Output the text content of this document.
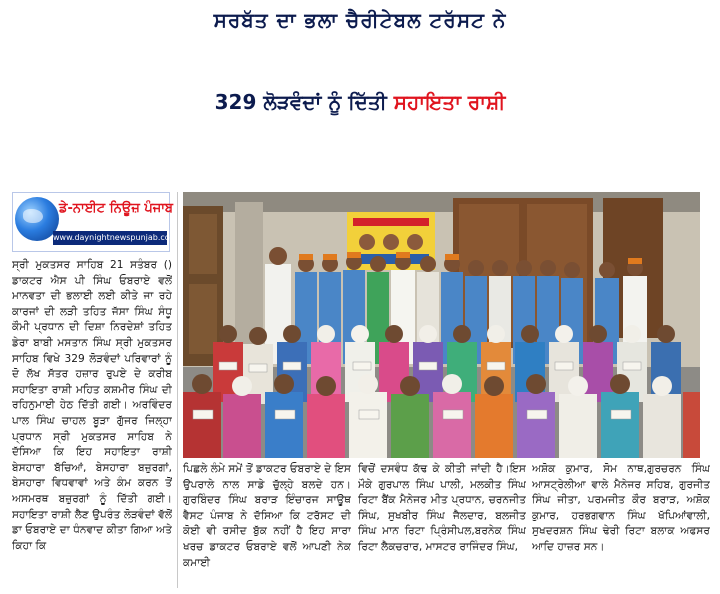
ਸਰਬੱਤ ਦਾ ਭਲਾ ਚੈਰੀਟੇਬਲ ਟਰੱਸਟ ਨੇ
329 ਲੋੜਵੰਦਾਂ ਨੂੰ ਦਿੱਤੀ ਸਹਾਇਤਾ ਰਾਸ਼ੀ
ਡੇ-ਨਾਈਟ ਨਿਊਜ਼ ਪੰਜਾਬ
www.daynightnewspunjab.com
ਸ੍ਰੀ ਮੁਕਤਸਰ ਸਾਹਿਬ 21 ਸਤੰਬਰ () ਡਾਕਟਰ ਐਸ ਪੀ ਸਿੰਘ ਓਬਰਾਏ ਵਲੋਂ ਮਾਨਵਤਾ ਦੀ ਭਲਾਈ ਲਈ ਕੀਤੇ ਜਾ ਰਹੇ ਕਾਰਜਾਂ ਦੀ ਲੜੀ ਤਹਿਤ ਜੱਸਾ ਸਿੰਘ ਸੰਧੂ ਕੌਮੀ ਪ੍ਰਧਾਨ ਦੀ ਦਿਸ਼ਾ ਨਿਰਦੇਸ਼ਾਂ ਤਹਿਤ ਡੇਰਾ ਬਾਬੀ ਮਸਤਾਨ ਸਿੰਘ ਸ੍ਰੀ ਮੁਕਤਸਰ ਸਾਹਿਬ ਵਿਖੇ 329 ਲੋੜਵੰਦਾਂ ਪਰਿਵਾਰਾਂ ਨੂੰ ਦੋ ਲੱਖ ਸੱਤਰ ਹਜ਼ਾਰ ਰੁਪਏ ਦੇ ਕਰੀਬ ਸਹਾਇਤਾ ਰਾਸ਼ੀ ਮਹਿਤ ਕਸ਼ਮੀਰ ਸਿੰਘ ਦੀ ਰਹਿਨੁਮਾਈ ਹੇਠ ਦਿੱਤੀ ਗਈ। ਅਰਵਿੰਦਰ ਪਾਲ ਸਿੰਘ ਚਾਹਲ ਬੂੜਾ ਗੁੱਜਰ ਜਿਲ੍ਹਾ ਪ੍ਰਧਾਨ ਸ੍ਰੀ ਮੁਕਤਸਰ ਸਾਹਿਬ ਨੇ ਦੱਸਿਆ ਕਿ ਇਹ ਸਹਾਇਤਾ ਰਾਸ਼ੀ ਬੇਸਹਾਰਾ ਬੱਚਿਆਂ, ਬੇਸਹਾਰਾ ਬਜ਼ੁਰਗਾਂ, ਬੇਸਹਾਰਾ ਵਿਧਵਾਵਾਂ ਅਤੇ ਕੰਮ ਕਰਨ ਤੋਂ ਅਸਮਰਥ ਬਜ਼ੁਰਗਾਂ ਨੂੰ ਦਿੱਤੀ ਗਈ। ਸਹਾਇਤਾ ਰਾਸ਼ੀ ਲੈਣ ਉਪਰੰਤ ਲੋੜਵੰਦਾਂ ਵੱਲੋਂ ਡਾ ਓਬਰਾਏ ਦਾ ਧੰਨਵਾਦ ਕੀਤਾ ਗਿਆ ਅਤੇ ਕਿਹਾ ਕਿ
ਪਿਛਲੇ ਲੰਮੇ ਸਮੇਂ ਤੋਂ ਡਾਕਟਰ ਓਬਰਾਏ ਦੇ ਇਸ ਉਪਰਾਲੇ ਨਾਲ ਸਾਡੇ ਚੁੱਲ੍ਹੇ ਬਲਦੇ ਹਨ। ਗੁਰਬਿੰਦਰ ਸਿੰਘ ਬਰਾੜ ਇੰਚਾਰਜ ਸਾਊਥ ਵੈਸਟ ਪੰਜਾਬ ਨੇ ਦੱਸਿਆ ਕਿ ਟਰੱਸਟ ਦੀ ਕੋਈ ਵੀ ਰਸੀਦ ਬੁੱਕ ਨਹੀਂ ਹੈ ਇਹ ਸਾਰਾ ਖਰਚ ਡਾਕਟਰ ਓਬਰਾਏ ਵਲੋਂ ਆਪਣੀ ਨੇਕ ਕਮਾਈ
ਵਿਚੋਂ ਦਸਵੰਧ ਕੱਢ ਕੇ ਕੀਤੀ ਜਾਂਦੀ ਹੈ।ਇਸ ਮੌਕੇ ਗੁਰਪਾਲ ਸਿੰਘ ਪਾਲੀ, ਮਲਕੀਤ ਸਿੰਘ ਰਿਟਾ ਬੈਂਕ ਮੈਨੇਜਰ ਮੀਤ ਪ੍ਰਧਾਨ, ਚਰਨਜੀਤ ਸਿੰਘ, ਸੁਖਬੀਰ ਸਿੰਘ ਜੈਲਦਾਰ, ਬਲਜੀਤ ਸਿੰਘ ਮਾਨ ਰਿਟਾ ਪ੍ਰਿੰਸੀਪਲ,ਬਰਨੇਕ ਸਿੰਘ ਰਿਟਾ ਲੈਕਚਰਾਰ, ਮਾਸਟਰ ਰਾਜਿੰਦਰ ਸਿੰਘ,
ਅਸ਼ੋਕ ਕੁਮਾਰ, ਸੋਮ ਨਾਥ,ਗੁਰਚਰਨ ਸਿੰਘ ਆਸਟ੍ਰੇਲੀਆ ਵਾਲੇ ਮੈਨੇਜਰ ਸਹਿਬ, ਗੁਰਜੀਤ ਸਿੰਘ ਜੀਤਾ, ਪਰਮਜੀਤ ਕੌਰ ਬਰਾੜ, ਅਸ਼ੋਕ ਕੁਮਾਰ, ਹਰਭਗਵਾਨ ਸਿੰਘ ਖੱਪਿਆਂਵਾਲੀ, ਸੁਖਦਰਸ਼ਨ ਸਿੰਘ ਢੇਰੀ ਰਿਟਾ ਬਲਾਕ ਅਫਸਰ ਆਦਿ ਹਾਜ਼ਰ ਸਨ।
